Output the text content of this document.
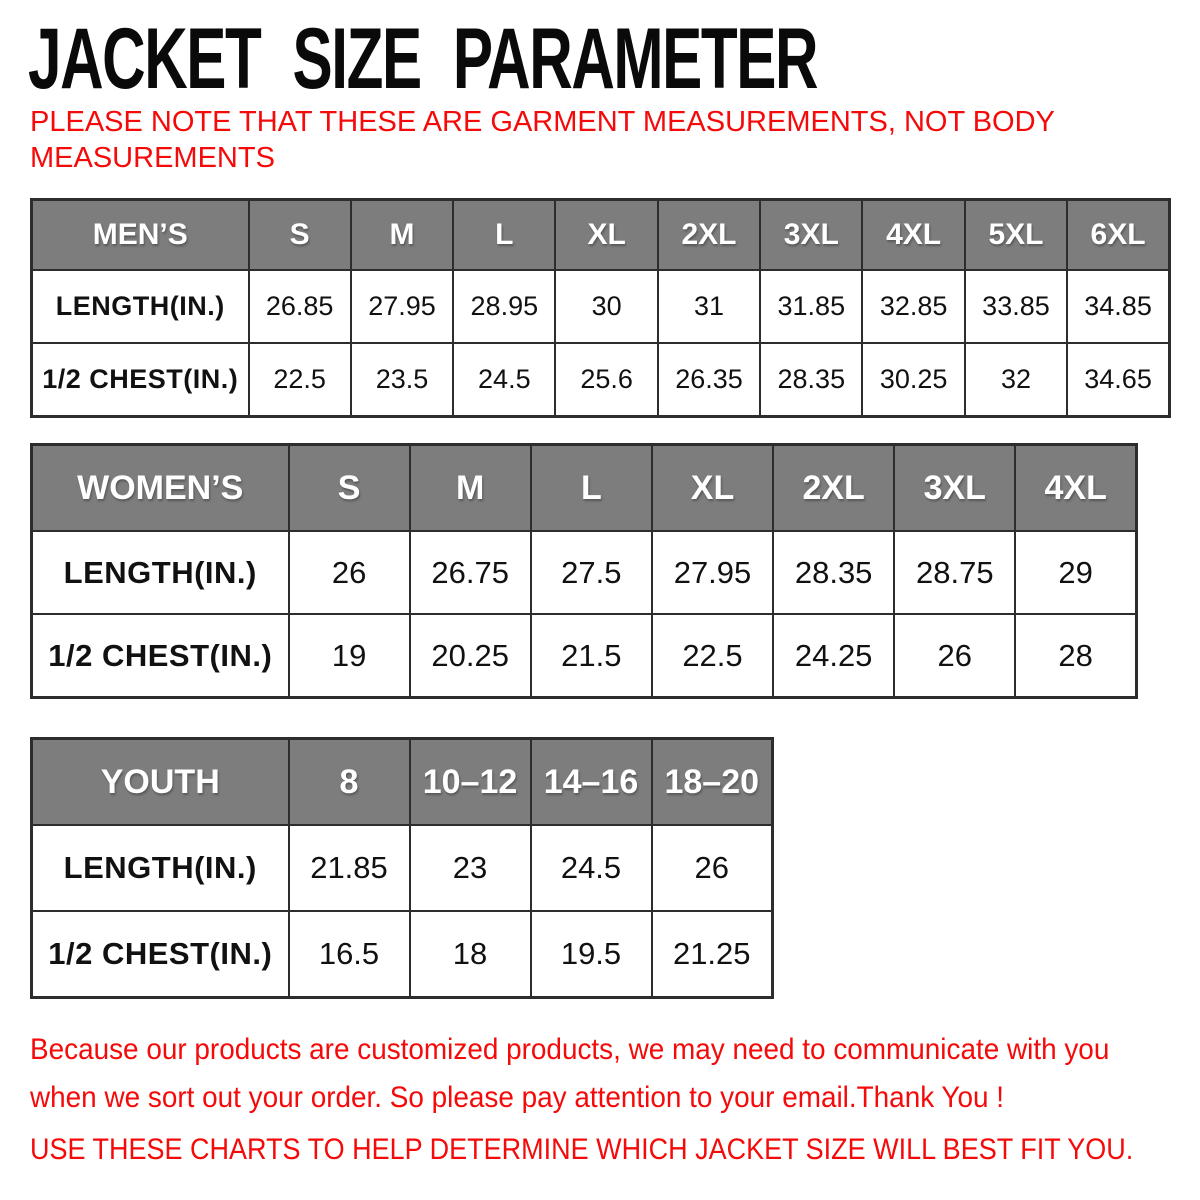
JACKET SIZE PARAMETER
PLEASE NOTE THAT THESE ARE GARMENT MEASUREMENTS, NOT BODY
MEASUREMENTS
MEN’S	S	M	L	XL	2XL	3XL	4XL	5XL	6XL
LENGTH(IN.)	26.85	27.95	28.95	30	31	31.85	32.85	33.85	34.85
1/2 CHEST(IN.)	22.5	23.5	24.5	25.6	26.35	28.35	30.25	32	34.65
WOMEN’S	S	M	L	XL	2XL	3XL	4XL
LENGTH(IN.)	26	26.75	27.5	27.95	28.35	28.75	29
1/2 CHEST(IN.)	19	20.25	21.5	22.5	24.25	26	28
YOUTH	8	10–12	14–16	18–20
LENGTH(IN.)	21.85	23	24.5	26
1/2 CHEST(IN.)	16.5	18	19.5	21.25

Because our products are customized products, we may need to communicate with you

when we sort out your order. So please pay attention to your email.Thank You !

USE THESE CHARTS TO HELP DETERMINE WHICH JACKET SIZE WILL BEST FIT YOU.
